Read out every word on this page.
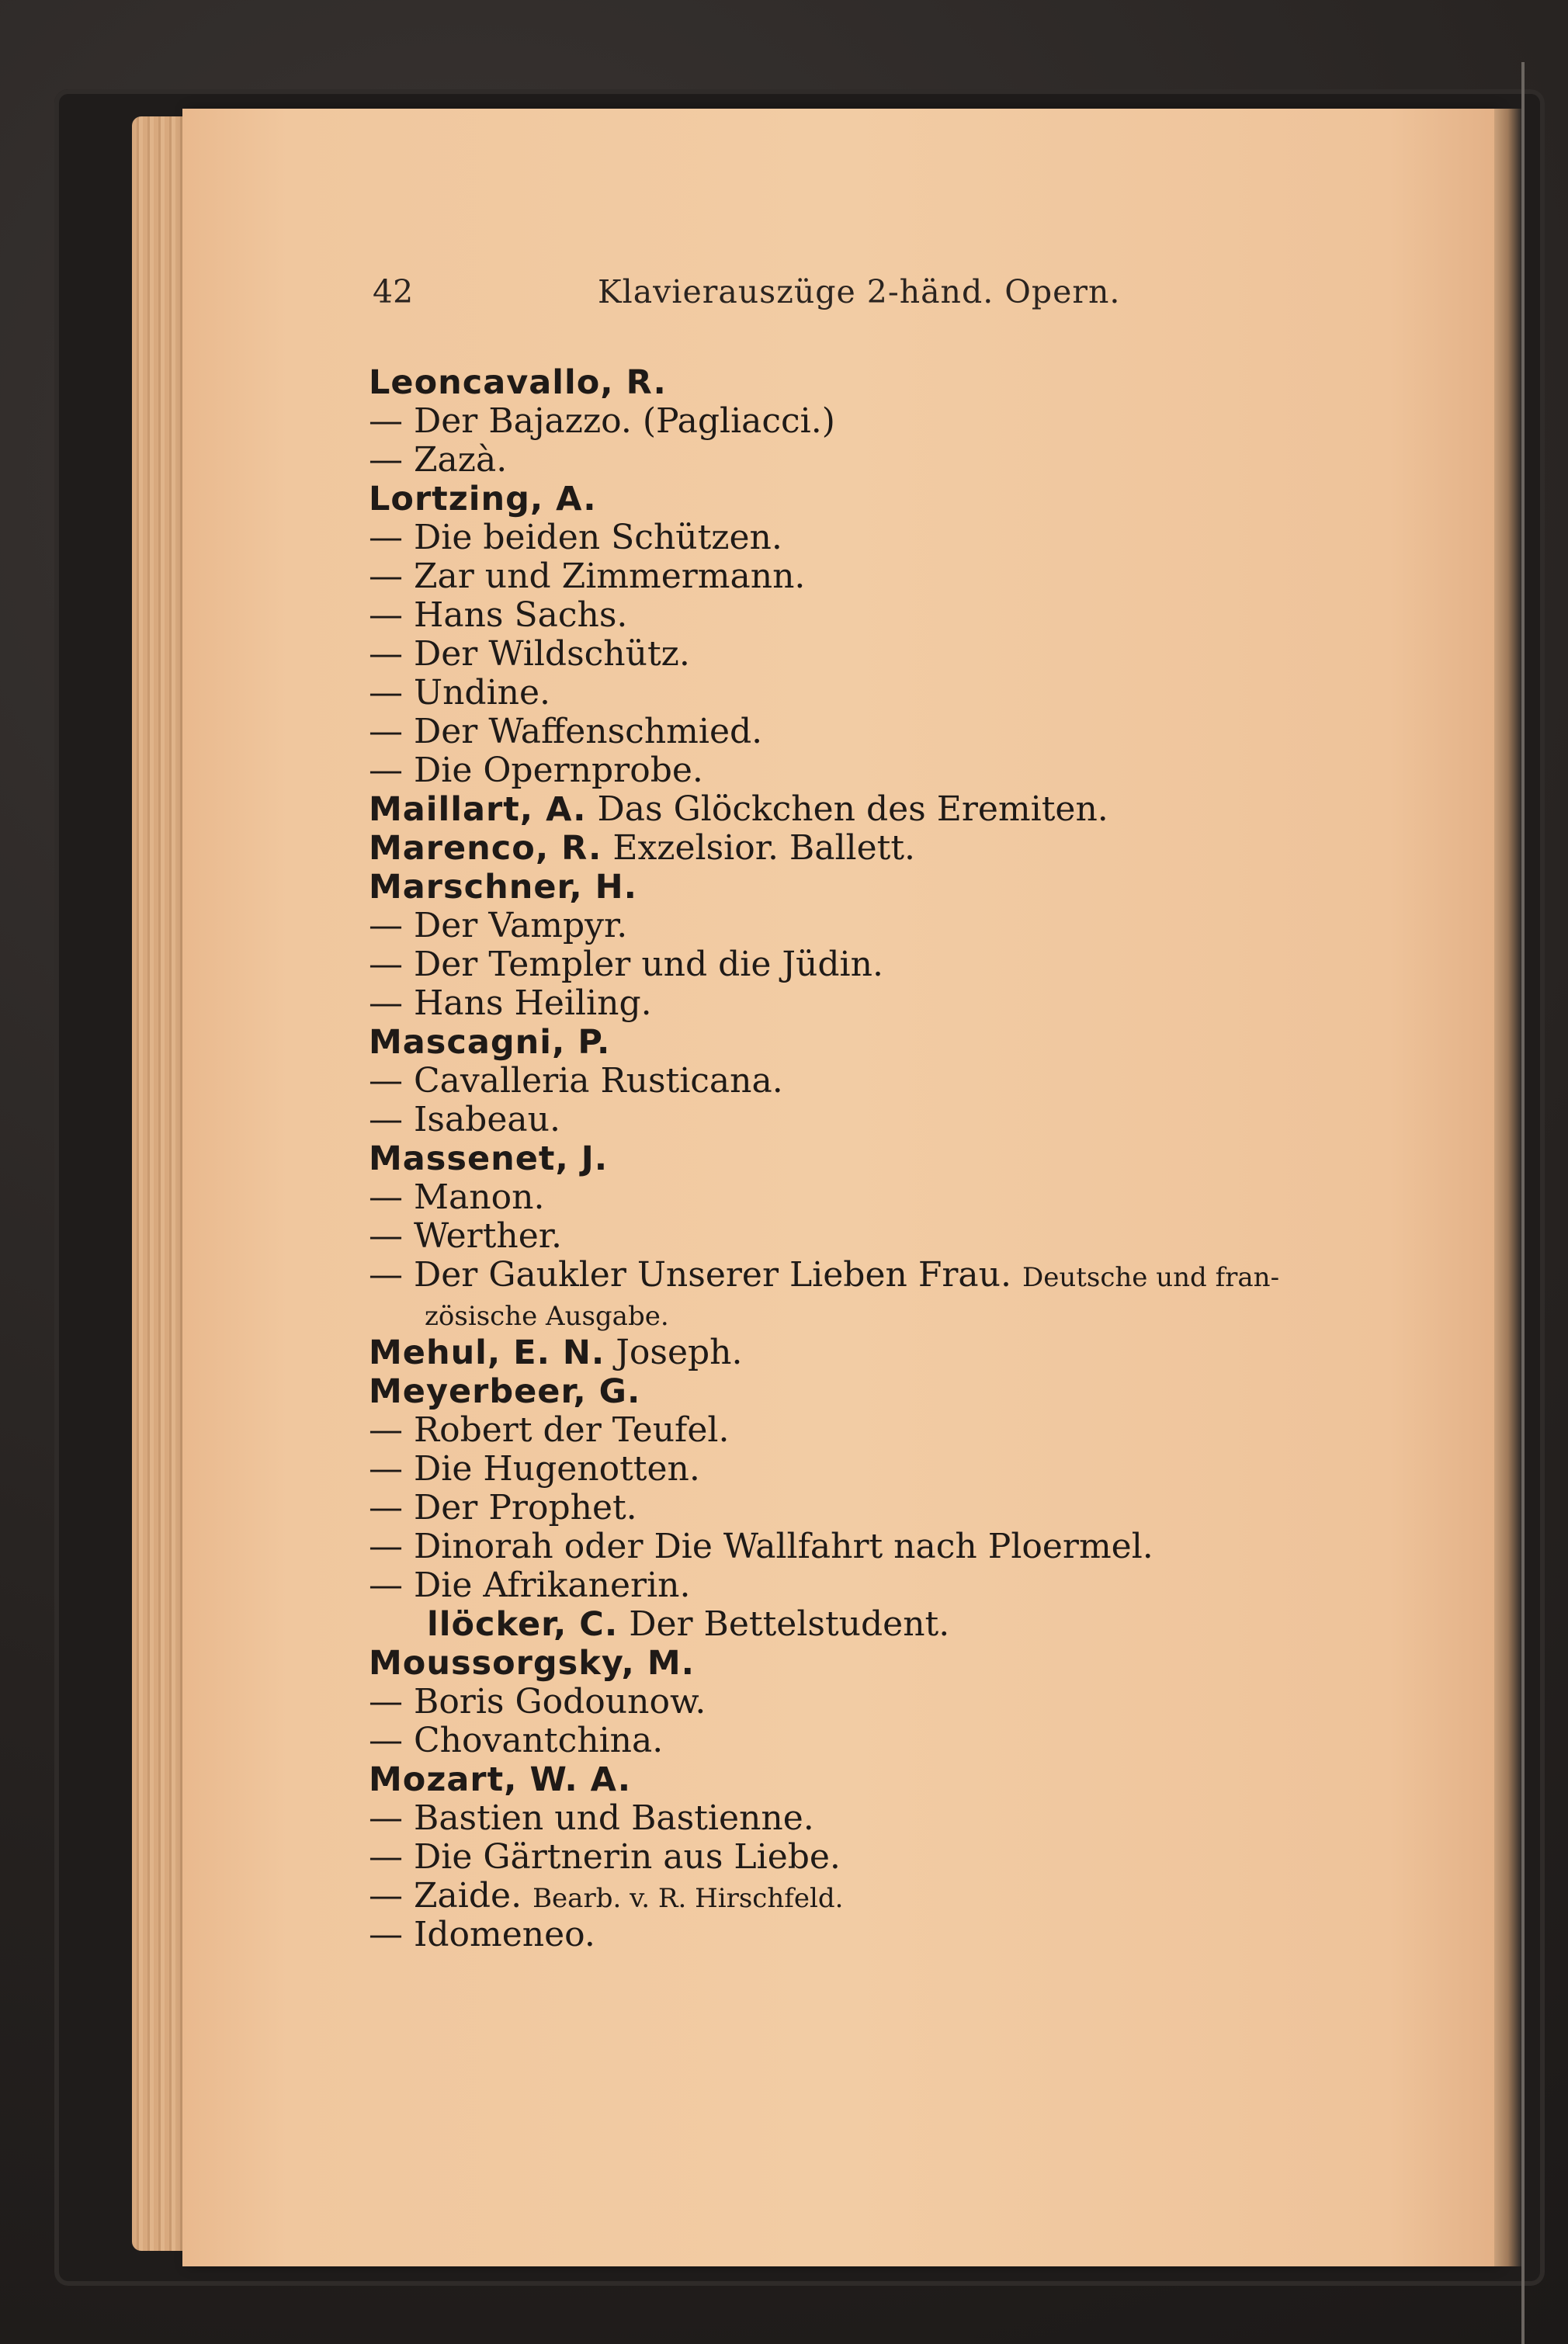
42	Klavierauszüge 2-händ. Opern.
Leoncavallo, R.
— Der Bajazzo. (Pagliacci.)
— Zazà.
Lortzing, A.
— Die beiden Schützen.
— Zar und Zimmermann.
— Hans Sachs.
— Der Wildschütz.
— Undine.
— Der Waffenschmied.
— Die Opernprobe.
Maillart, A. Das Glöckchen des Eremiten.
Marenco, R. Exzelsior. Ballett.
Marschner, H.
— Der Vampyr.
— Der Templer und die Jüdin.
— Hans Heiling.
Mascagni, P.
— Cavalleria Rusticana.
— Isabeau.
Massenet, J.
— Manon.
— Werther.
— Der Gaukler Unserer Lieben Frau. Deutsche und fran-
zösische Ausgabe.
Mehul, E. N. Joseph.
Meyerbeer, G.
— Robert der Teufel.
— Die Hugenotten.
— Der Prophet.
— Dinorah oder Die Wallfahrt nach Ploermel.
— Die Afrikanerin.
llöcker, C. Der Bettelstudent.
Moussorgsky, M.
— Boris Godounow.
— Chovantchina.
Mozart, W. A.
— Bastien und Bastienne.
— Die Gärtnerin aus Liebe.
— Zaide. Bearb. v. R. Hirschfeld.
— Idomeneo.
